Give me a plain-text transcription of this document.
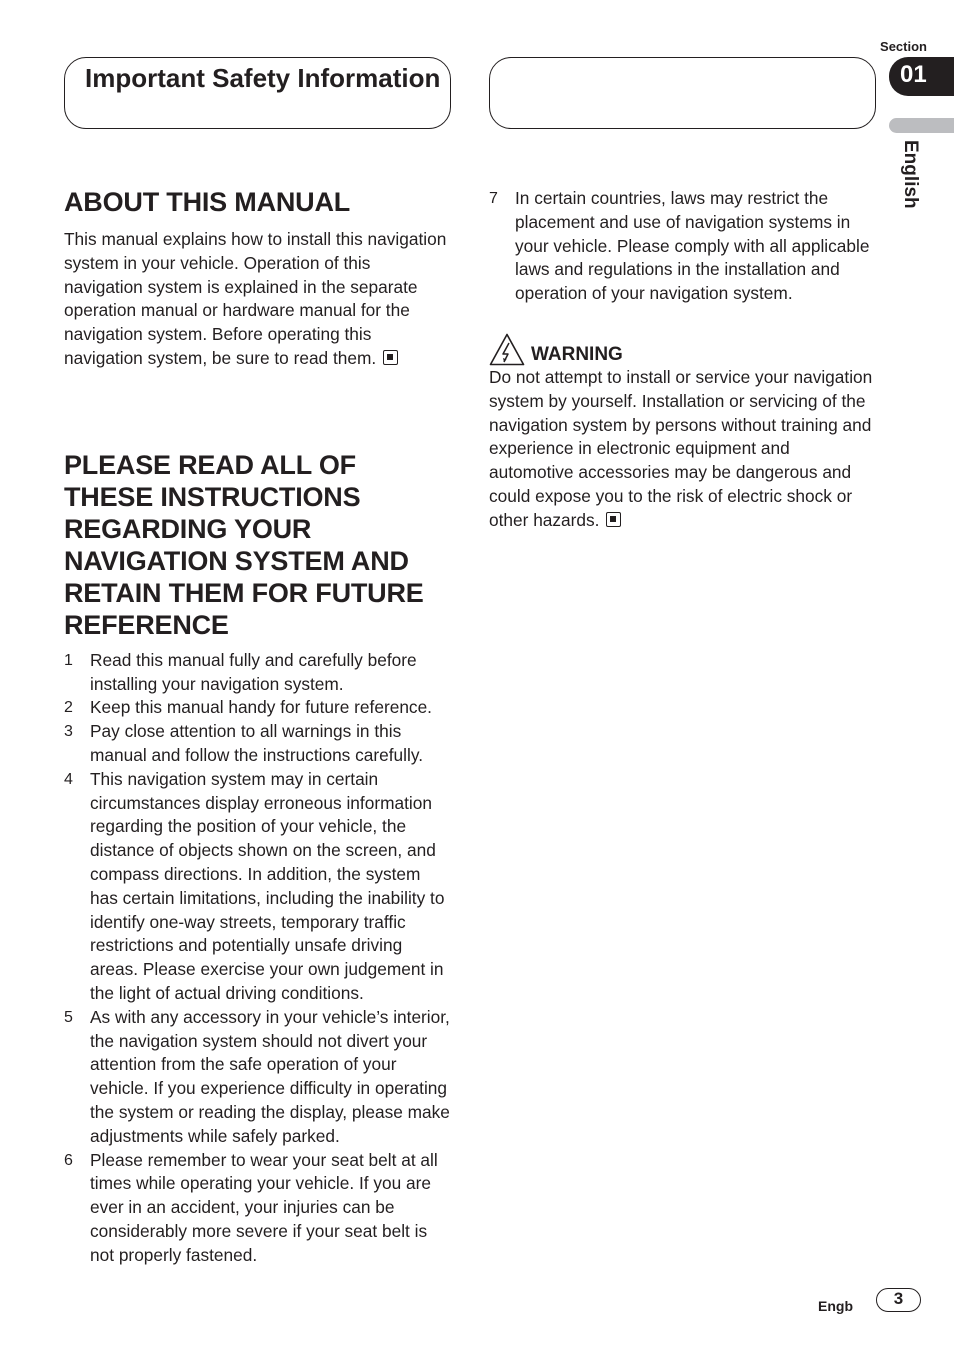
Important Safety Information
Section
01
English
ABOUT THIS MANUAL

This manual explains how to install this navigation system in your vehicle. Operation of this navigation system is explained in the separate operation manual or hardware manual for the navigation system. Before operating this navigation system, be sure to read them.

PLEASE READ ALL OF THESE INSTRUCTIONS REGARDING YOUR NAVIGATION SYSTEM AND RETAIN THEM FOR FUTURE REFERENCE
1 Read this manual fully and carefully before installing your navigation system.
2 Keep this manual handy for future reference.
3 Pay close attention to all warnings in this manual and follow the instructions carefully.
4 This navigation system may in certain circumstances display erroneous information regarding the position of your vehicle, the distance of objects shown on the screen, and compass directions. In addition, the system has certain limitations, including the inability to identify one-way streets, temporary traffic restrictions and potentially unsafe driving areas. Please exercise your own judgement in the light of actual driving conditions.
5 As with any accessory in your vehicle’s interior, the navigation system should not divert your attention from the safe operation of your vehicle. If you experience difficulty in operating the system or reading the display, please make adjustments while safely parked.
6 Please remember to wear your seat belt at all times while operating your vehicle. If you are ever in an accident, your injuries can be considerably more severe if your seat belt is not properly fastened.
7 In certain countries, laws may restrict the placement and use of navigation systems in your vehicle. Please comply with all applicable laws and regulations in the installation and operation of your navigation system.
WARNING

Do not attempt to install or service your navigation system by yourself. Installation or servicing of the navigation system by persons without training and experience in electronic equipment and automotive accessories may be dangerous and could expose you to the risk of electric shock or other hazards.

Engb	3
